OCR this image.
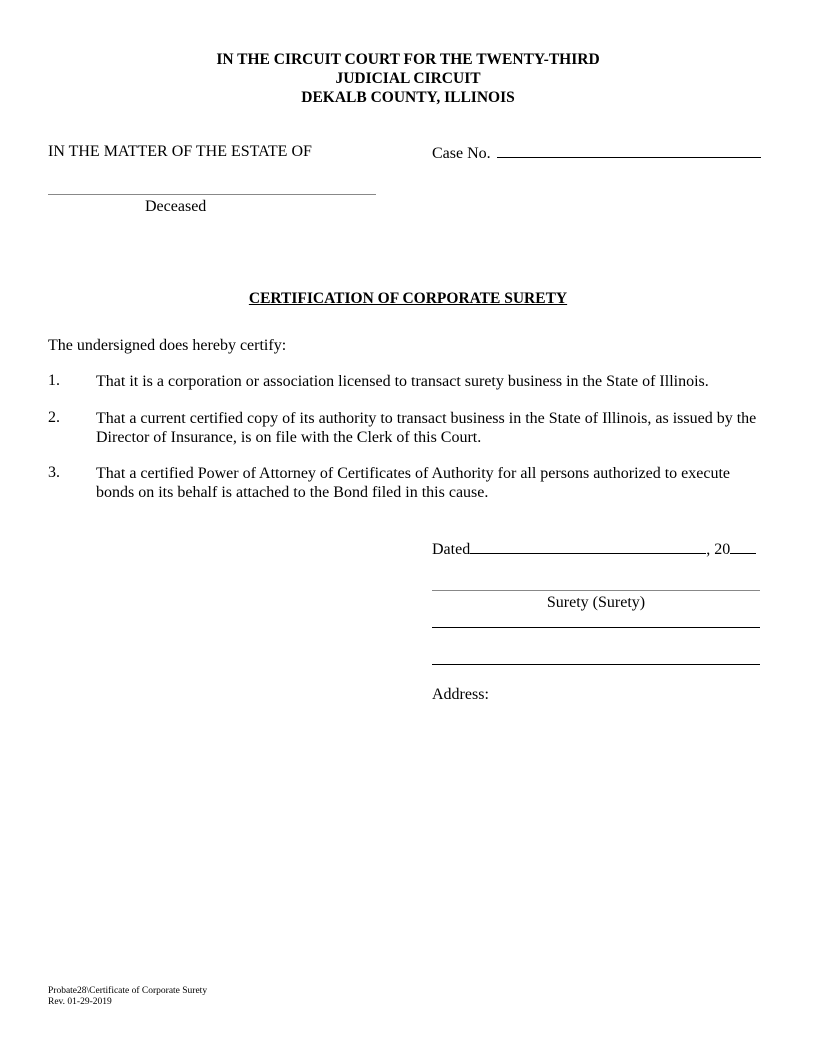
IN THE CIRCUIT COURT FOR THE TWENTY-THIRD
JUDICIAL CIRCUIT
DEKALB COUNTY, ILLINOIS
IN THE MATTER OF THE ESTATE OF	Case No.
Deceased
CERTIFICATION OF CORPORATE SURETY
The undersigned does hereby certify:
1. That it is a corporation or association licensed to transact surety business in the State of Illinois.
2. That a current certified copy of its authority to transact business in the State of Illinois, as issued by the Director of Insurance, is on file with the Clerk of this Court.
3. That a certified Power of Attorney of Certificates of Authority for all persons authorized to execute bonds on its behalf is attached to the Bond filed in this cause.
Dated	, 20
Surety (Surety)
Address:
Probate28\Certificate of Corporate Surety
Rev. 01-29-2019
